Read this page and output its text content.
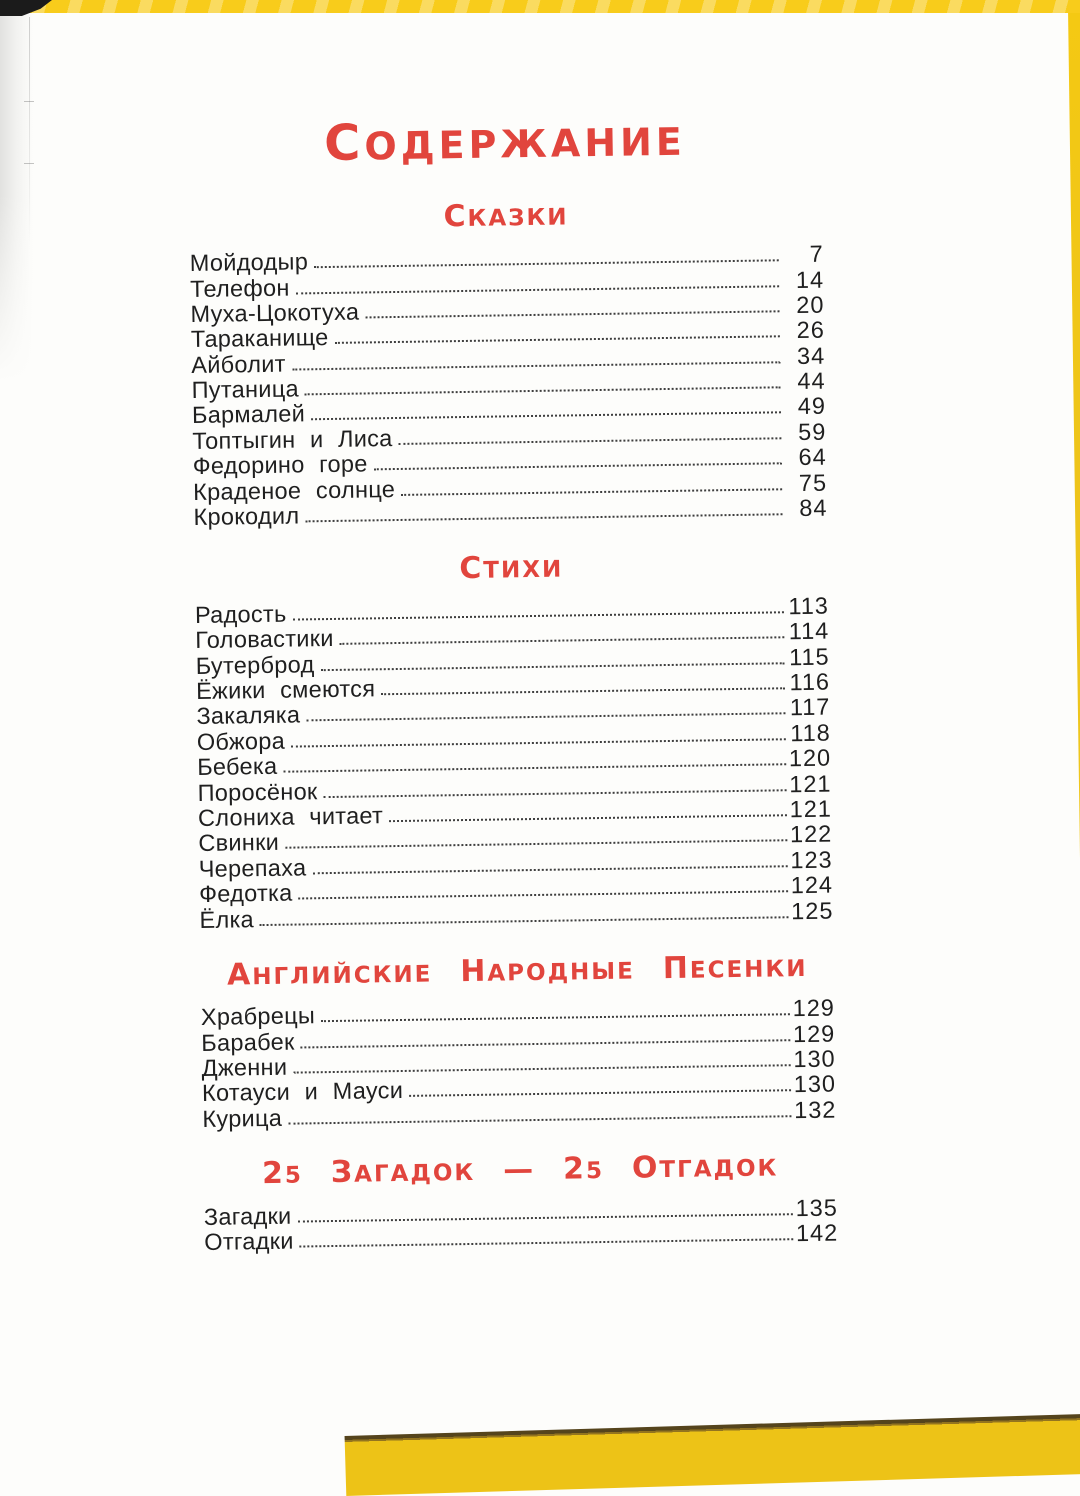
СОДЕРЖАНИЕ
СКАЗКИ
Мойдодыр	7
Телефон	14
Муха-Цокотуха	20
Тараканище	26
Айболит	34
Путаница	44
Бармалей	49
Топтыгин и Лиса	59
Федорино горе	64
Краденое солнце	75
Крокодил	84
СТИХИ
Радость	113
Головастики	114
Бутерброд	115
Ёжики смеются	116
Закаляка	117
Обжора	118
Бебека	120
Поросёнок	121
Слониха читает	121
Свинки	122
Черепаха	123
Федотка	124
Ёлка	125
АНГЛИЙСКИЕ НАРОДНЫЕ ПЕСЕНКИ
Храбрецы	129
Барабек	129
Дженни	130
Котауси и Мауси	130
Курица	132
25 ЗАГАДОК — 25 ОТГАДОК
Загадки	135
Отгадки	142
